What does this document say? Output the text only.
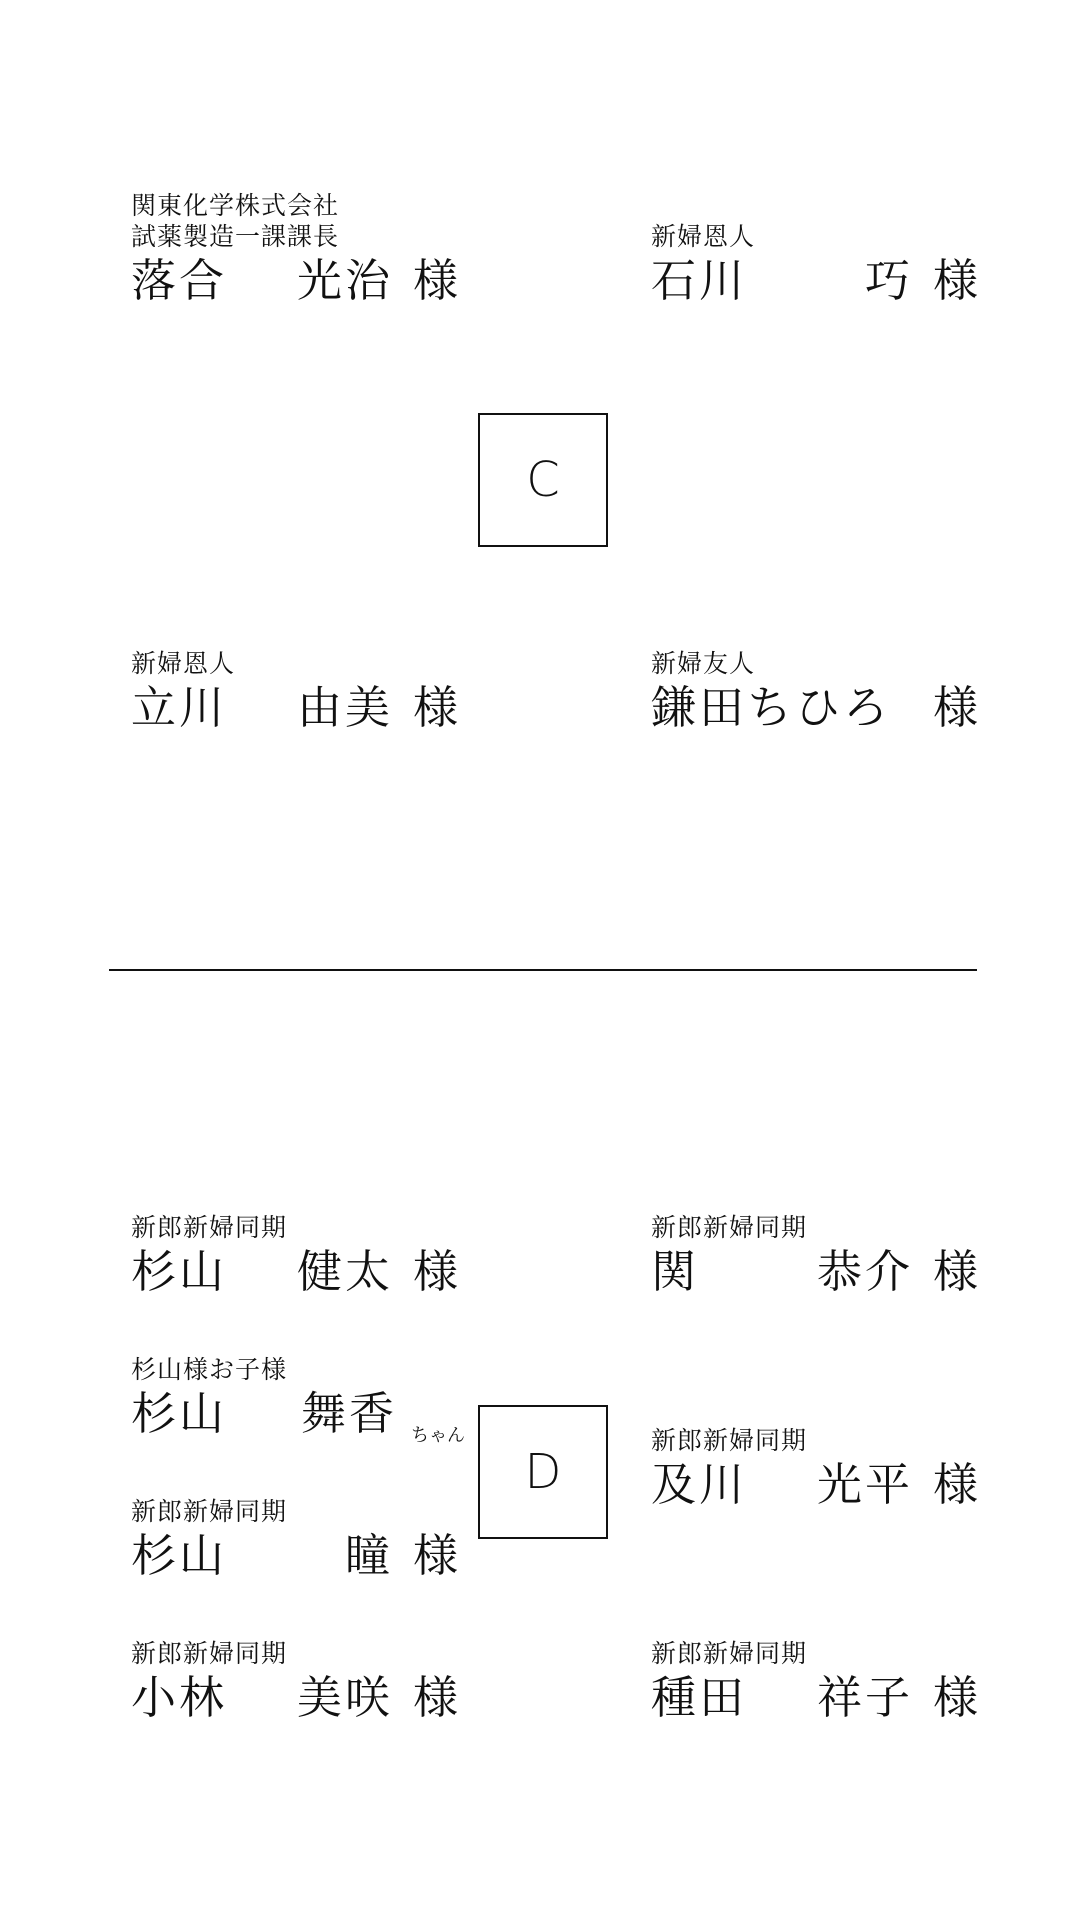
関東化学株式会社
試薬製造一課課長
落合 光治 様
新婦恩人
石川	巧 様
C
新婦恩人
立川 由美 様
新婦友人
鎌田ちひろ 様
新郎新婦同期
杉山 健太 様
新郎新婦同期
関	恭介 様
杉山様お子様
杉山 舞香 ちゃん
D
新郎新婦同期
及川 光平 様
新郎新婦同期
杉山	瞳 様
新郎新婦同期
小林 美咲 様
新郎新婦同期
種田 祥子 様
